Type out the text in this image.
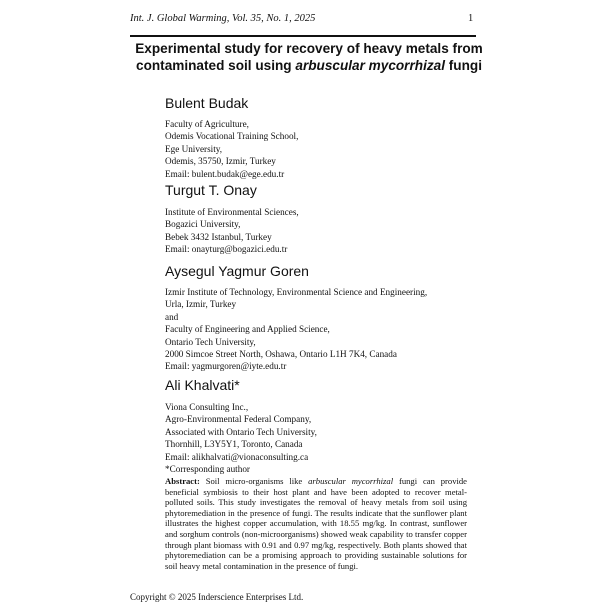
Int. J. Global Warming, Vol. 35, No. 1, 2025	1
Experimental study for recovery of heavy metals from
contaminated soil using arbuscular mycorrhizal fungi
Bulent Budak
Faculty of Agriculture,
Odemis Vocational Training School,
Ege University,
Odemis, 35750, Izmir, Turkey
Email: bulent.budak@ege.edu.tr
Turgut T. Onay
Institute of Environmental Sciences,
Bogazici University,
Bebek 3432 Istanbul, Turkey
Email: onayturg@bogazici.edu.tr
Aysegul Yagmur Goren
Izmir Institute of Technology, Environmental Science and Engineering,
Urla, Izmir, Turkey
and
Faculty of Engineering and Applied Science,
Ontario Tech University,
2000 Simcoe Street North, Oshawa, Ontario L1H 7K4, Canada
Email: yagmurgoren@iyte.edu.tr
Ali Khalvati*
Viona Consulting Inc.,
Agro-Environmental Federal Company,
Associated with Ontario Tech University,
Thornhill, L3Y5Y1, Toronto, Canada
Email: alikhalvati@vionaconsulting.ca
*Corresponding author
Abstract: Soil micro-organisms like arbuscular mycorrhizal fungi can provide beneficial symbiosis to their host plant and have been adopted to recover metal-polluted soils. This study investigates the removal of heavy metals from soil using phytoremediation in the presence of fungi. The results indicate that the sunflower plant illustrates the highest copper accumulation, with 18.55 mg/kg. In contrast, sunflower and sorghum controls (non-microorganisms) showed weak capability to transfer copper through plant biomass with 0.91 and 0.97 mg/kg, respectively. Both plants showed that phytoremediation can be a promising approach to providing sustainable solutions for soil heavy metal contamination in the presence of fungi.
Copyright © 2025 Inderscience Enterprises Ltd.
